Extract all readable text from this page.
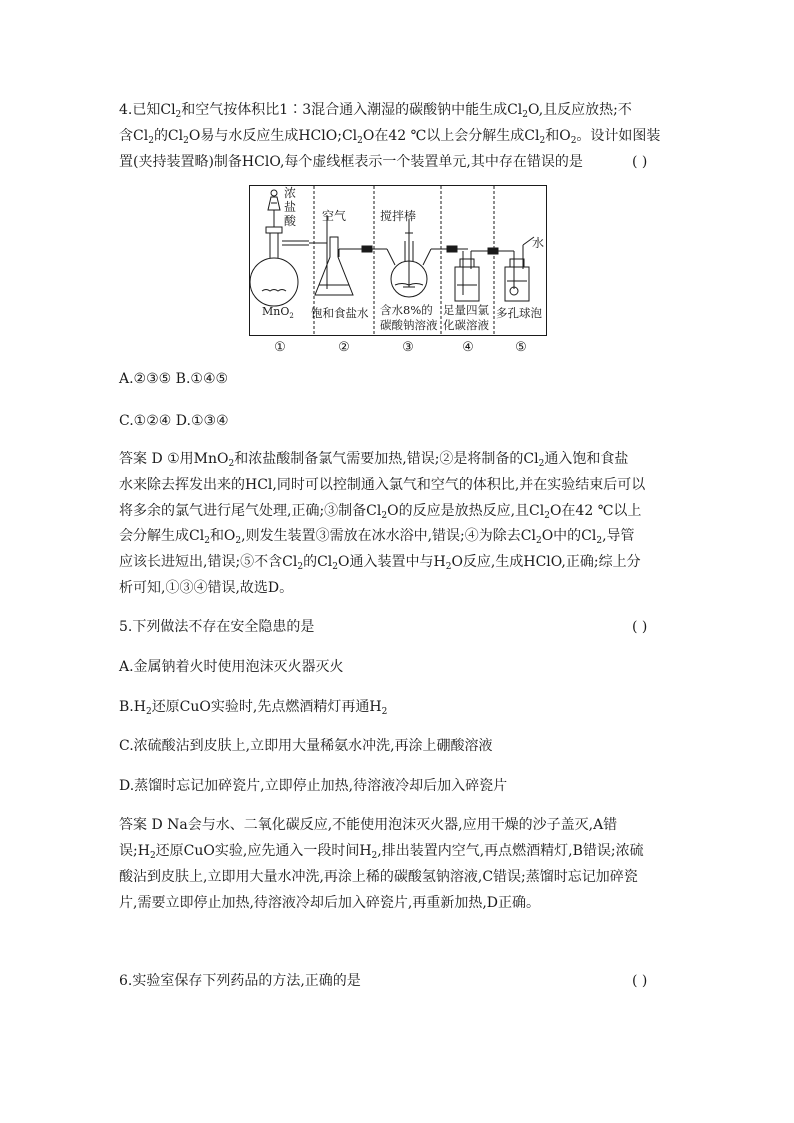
4.已知$Cl_2$和空气按体积比1∶3混合通入潮湿的碳酸钠中能生成$Cl_2O$,且反应放热;不
含$Cl_2$的$Cl_2O$易与水反应生成$HClO;Cl_2O$在42 ℃以上会分解生成$Cl_2$和$O_2$。设计如图装
置(夹持装置略)制备HClO,每个虚线框表示一个装置单元,其中存在错误的是	( )
浓
盐
酸
MnO$_2$
空气
饱和食盐水
搅拌棒
含水8%的
碳酸钠溶液
足量四氯
化碳溶液
水
多孔球泡
①	②	③	④	⑤
A.②③⑤ B.①④⑤
C.①②④ D.①③④
答案 D ①用MnO$_2$和浓盐酸制备氯气需要加热,错误;②是将制备的$Cl_2$通入饱和食盐
水来除去挥发出来的HCl,同时可以控制通入氯气和空气的体积比,并在实验结束后可以
将多余的氯气进行尾气处理,正确;③制备$Cl_2O$的反应是放热反应,且$Cl_2O$在42 ℃以上
会分解生成$Cl_2$和$O_2$,则发生装置③需放在冰水浴中,错误;④为除去$Cl_2O$中的$Cl_2$,导管
应该长进短出,错误;⑤不含$Cl_2$的$Cl_2O$通入装置中与$H_2O$反应,生成HClO,正确;综上分
析可知,①③④错误,故选D。
5.下列做法不存在安全隐患的是	( )
A.金属钠着火时使用泡沫灭火器灭火
$B.H_2$还原CuO实验时,先点燃酒精灯再通$H_2$
C.浓硫酸沾到皮肤上,立即用大量稀氨水冲洗,再涂上硼酸溶液
D.蒸馏时忘记加碎瓷片,立即停止加热,待溶液冷却后加入碎瓷片
答案 D Na会与水、二氧化碳反应,不能使用泡沫灭火器,应用干燥的沙子盖灭,A错
误$;H_2$还原CuO实验,应先通入一段时间$H_2$,排出装置内空气,再点燃酒精灯,B错误;浓硫
酸沾到皮肤上,立即用大量水冲洗,再涂上稀的碳酸氢钠溶液,C错误;蒸馏时忘记加碎瓷
片,需要立即停止加热,待溶液冷却后加入碎瓷片,再重新加热,D正确。
6.实验室保存下列药品的方法,正确的是	( )
